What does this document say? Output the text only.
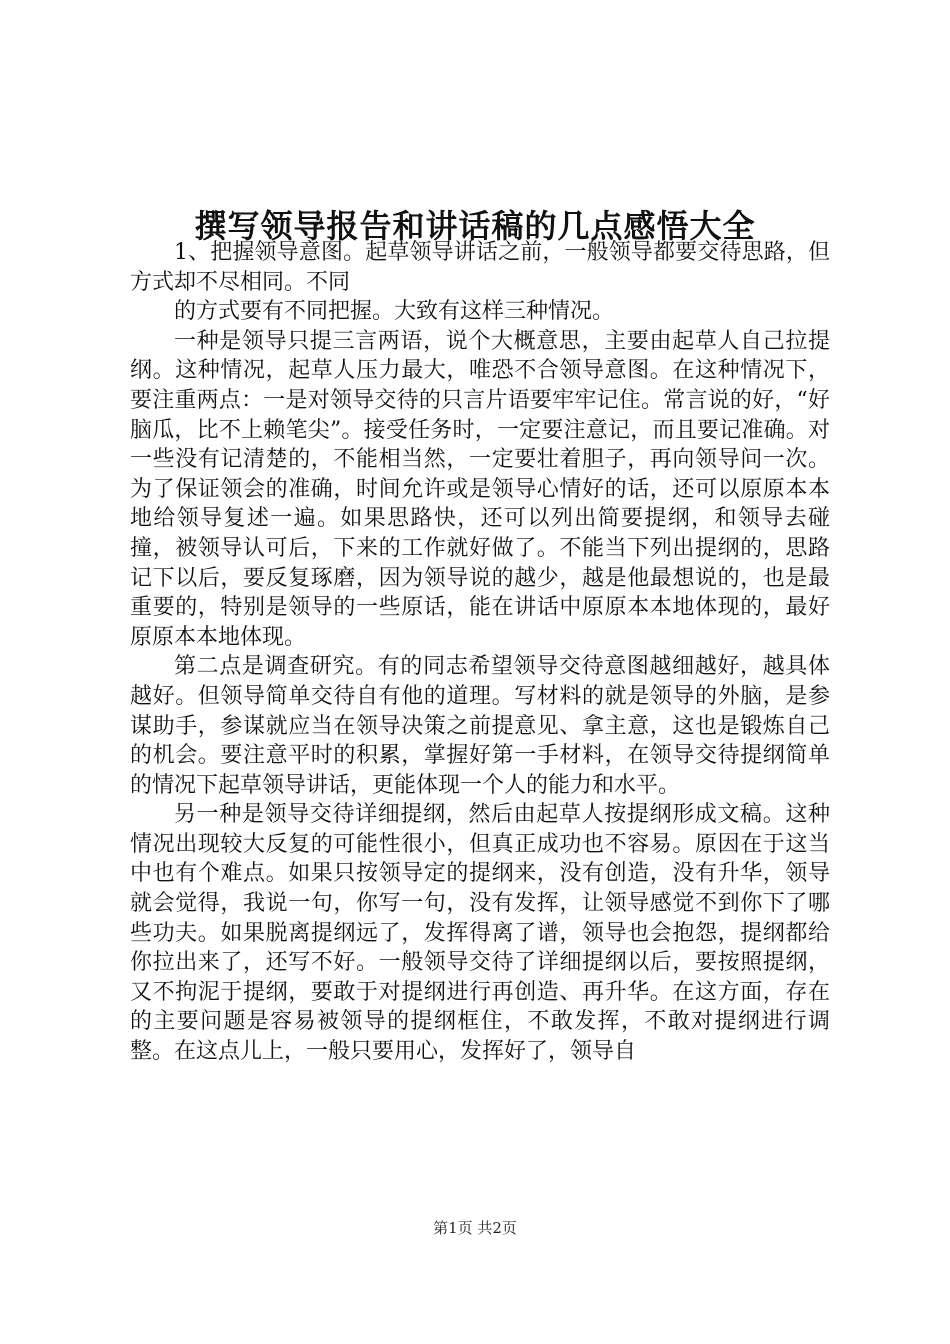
撰写领导报告和讲话稿的几点感悟大全

1、把握领导意图。起草领导讲话之前，一般领导都要交待思路，但方式却不尽相同。不同

的方式要有不同把握。大致有这样三种情况。

一种是领导只提三言两语，说个大概意思，主要由起草人自己拉提纲。这种情况，起草人压力最大，唯恐不合领导意图。在这种情况下，要注重两点：一是对领导交待的只言片语要牢牢记住。常言说的好，“好脑瓜，比不上赖笔尖”。接受任务时，一定要注意记，而且要记准确。对一些没有记清楚的，不能相当然，一定要壮着胆子，再向领导问一次。为了保证领会的准确，时间允许或是领导心情好的话，还可以原原本本地给领导复述一遍。如果思路快，还可以列出简要提纲，和领导去碰撞，被领导认可后，下来的工作就好做了。不能当下列出提纲的，思路记下以后，要反复琢磨，因为领导说的越少，越是他最想说的，也是最重要的，特别是领导的一些原话，能在讲话中原原本本地体现的，最好原原本本地体现。

第二点是调查研究。有的同志希望领导交待意图越细越好，越具体越好。但领导简单交待自有他的道理。写材料的就是领导的外脑，是参谋助手，参谋就应当在领导决策之前提意见、拿主意，这也是锻炼自己的机会。要注意平时的积累，掌握好第一手材料，在领导交待提纲简单的情况下起草领导讲话，更能体现一个人的能力和水平。

另一种是领导交待详细提纲，然后由起草人按提纲形成文稿。这种情况出现较大反复的可能性很小，但真正成功也不容易。原因在于这当中也有个难点。如果只按领导定的提纲来，没有创造，没有升华，领导就会觉得，我说一句，你写一句，没有发挥，让领导感觉不到你下了哪些功夫。如果脱离提纲远了，发挥得离了谱，领导也会抱怨，提纲都给你拉出来了，还写不好。一般领导交待了详细提纲以后，要按照提纲，又不拘泥于提纲，要敢于对提纲进行再创造、再升华。在这方面，存在的主要问题是容易被领导的提纲框住，不敢发挥，不敢对提纲进行调整。在这点儿上，一般只要用心，发挥好了，领导自

第1页 共2页
